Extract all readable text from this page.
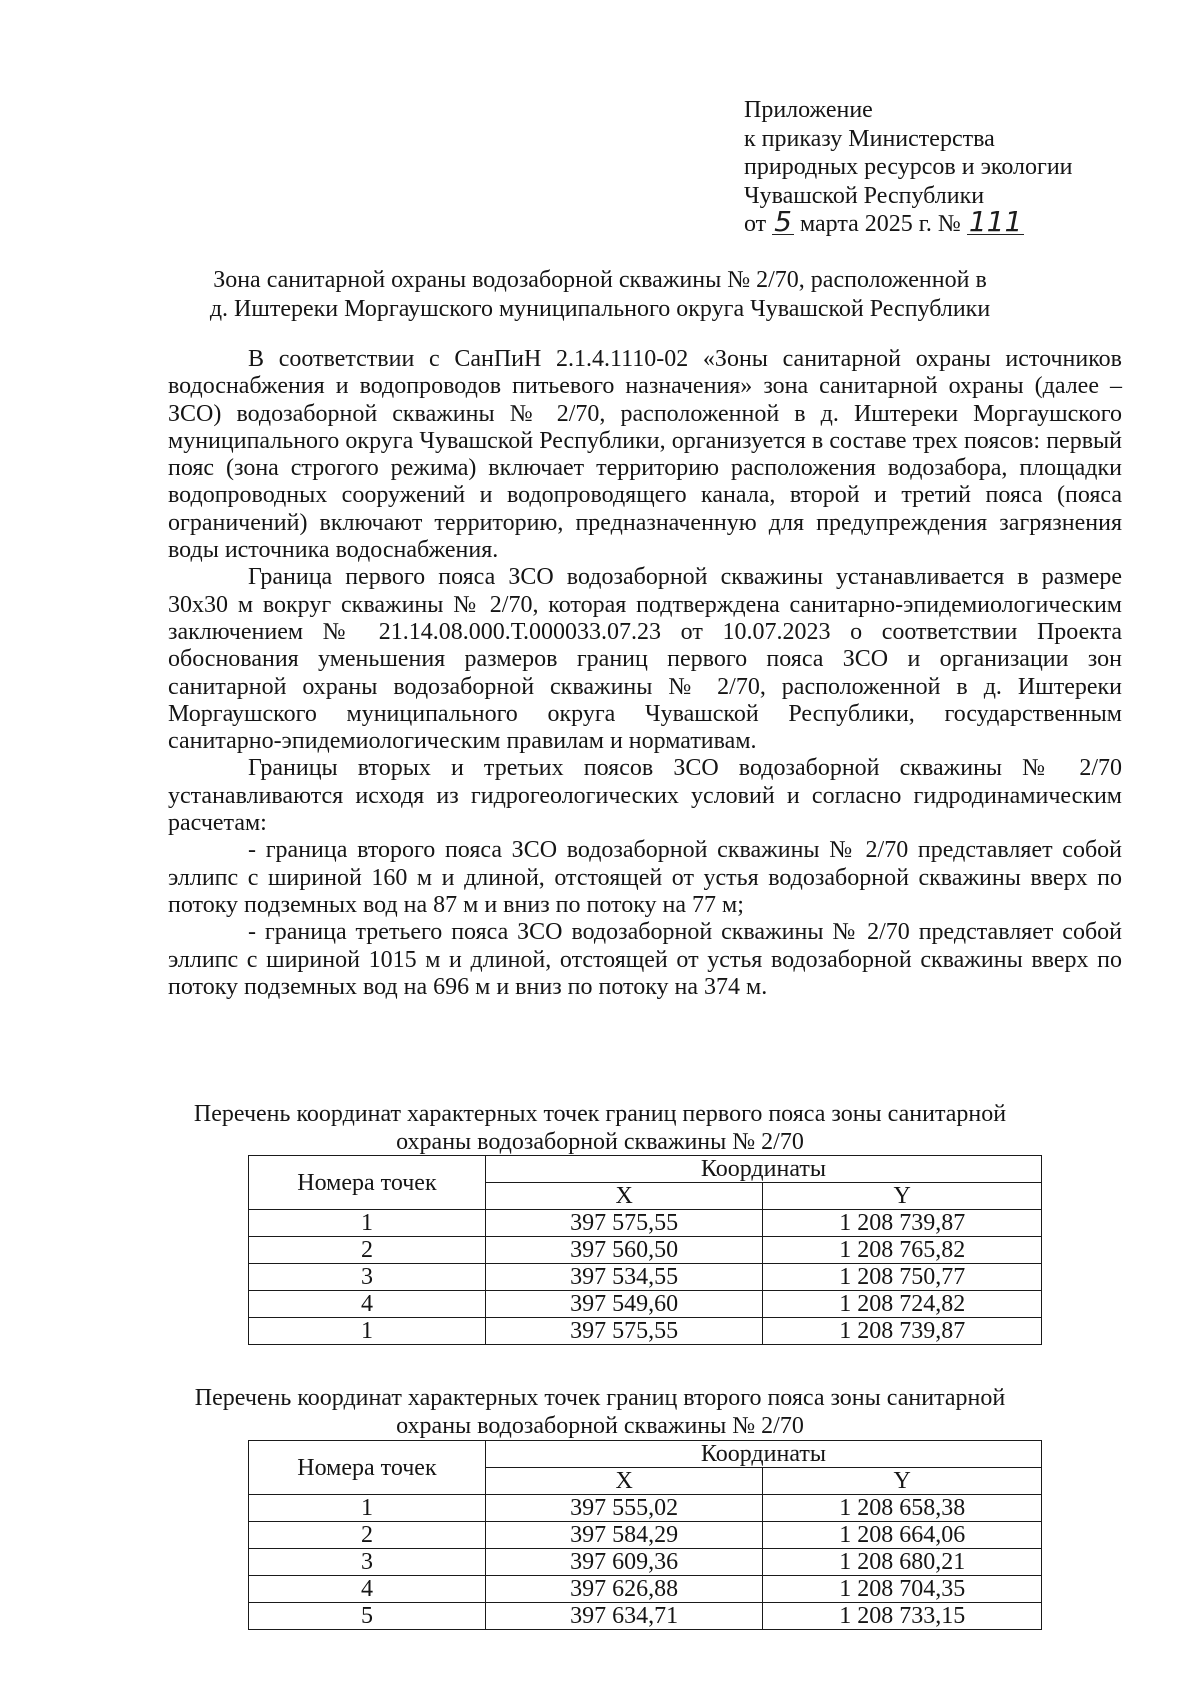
Приложение
к приказу Министерства
природных ресурсов и экологии
Чувашской Республики
от 5 марта 2025 г. № 111
Зона санитарной охраны водозаборной скважины № 2/70, расположенной в
д. Иштереки Моргаушского муниципального округа Чувашской Республики

В соответствии с СанПиН 2.1.4.1110-02 «Зоны санитарной охраны источников водоснабжения и водопроводов питьевого назначения» зона санитарной охраны (далее – ЗСО) водозаборной скважины № 2/70, расположенной в д. Иштереки Моргаушского муниципального округа Чувашской Республики, организуется в составе трех поясов: первый пояс (зона строгого режима) включает территорию расположения водозабора, площадки водопроводных сооружений и водопроводящего канала, второй и третий пояса (пояса ограничений) включают территорию, предназначенную для предупреждения загрязнения воды источника водоснабжения.

Граница первого пояса ЗСО водозаборной скважины устанавливается в размере 30х30 м вокруг скважины № 2/70, которая подтверждена санитарно-эпидемиологическим заключением № 21.14.08.000.Т.000033.07.23 от 10.07.2023 о соответствии Проекта обоснования уменьшения размеров границ первого пояса ЗСО и организации зон санитарной охраны водозаборной скважины № 2/70, расположенной в д. Иштереки Моргаушского муниципального округа Чувашской Республики, государственным санитарно-эпидемиологическим правилам и нормативам.

Границы вторых и третьих поясов ЗСО водозаборной скважины № 2/70 устанавливаются исходя из гидрогеологических условий и согласно гидродинамическим расчетам:

- граница второго пояса ЗСО водозаборной скважины № 2/70 представляет собой эллипс с шириной 160 м и длиной, отстоящей от устья водозаборной скважины вверх по потоку подземных вод на 87 м и вниз по потоку на 77 м;

- граница третьего пояса ЗСО водозаборной скважины № 2/70 представляет собой эллипс с шириной 1015 м и длиной, отстоящей от устья водозаборной скважины вверх по потоку подземных вод на 696 м и вниз по потоку на 374 м.

Перечень координат характерных точек границ первого пояса зоны санитарной
охраны водозаборной скважины № 2/70
Номера точек	Координаты	
	X	Y
1	397 575,55	1 208 739,87
2	397 560,50	1 208 765,82
3	397 534,55	1 208 750,77
4	397 549,60	1 208 724,82
1	397 575,55	1 208 739,87
Перечень координат характерных точек границ второго пояса зоны санитарной
охраны водозаборной скважины № 2/70
Номера точек	Координаты	
	X	Y
1	397 555,02	1 208 658,38
2	397 584,29	1 208 664,06
3	397 609,36	1 208 680,21
4	397 626,88	1 208 704,35
5	397 634,71	1 208 733,15
